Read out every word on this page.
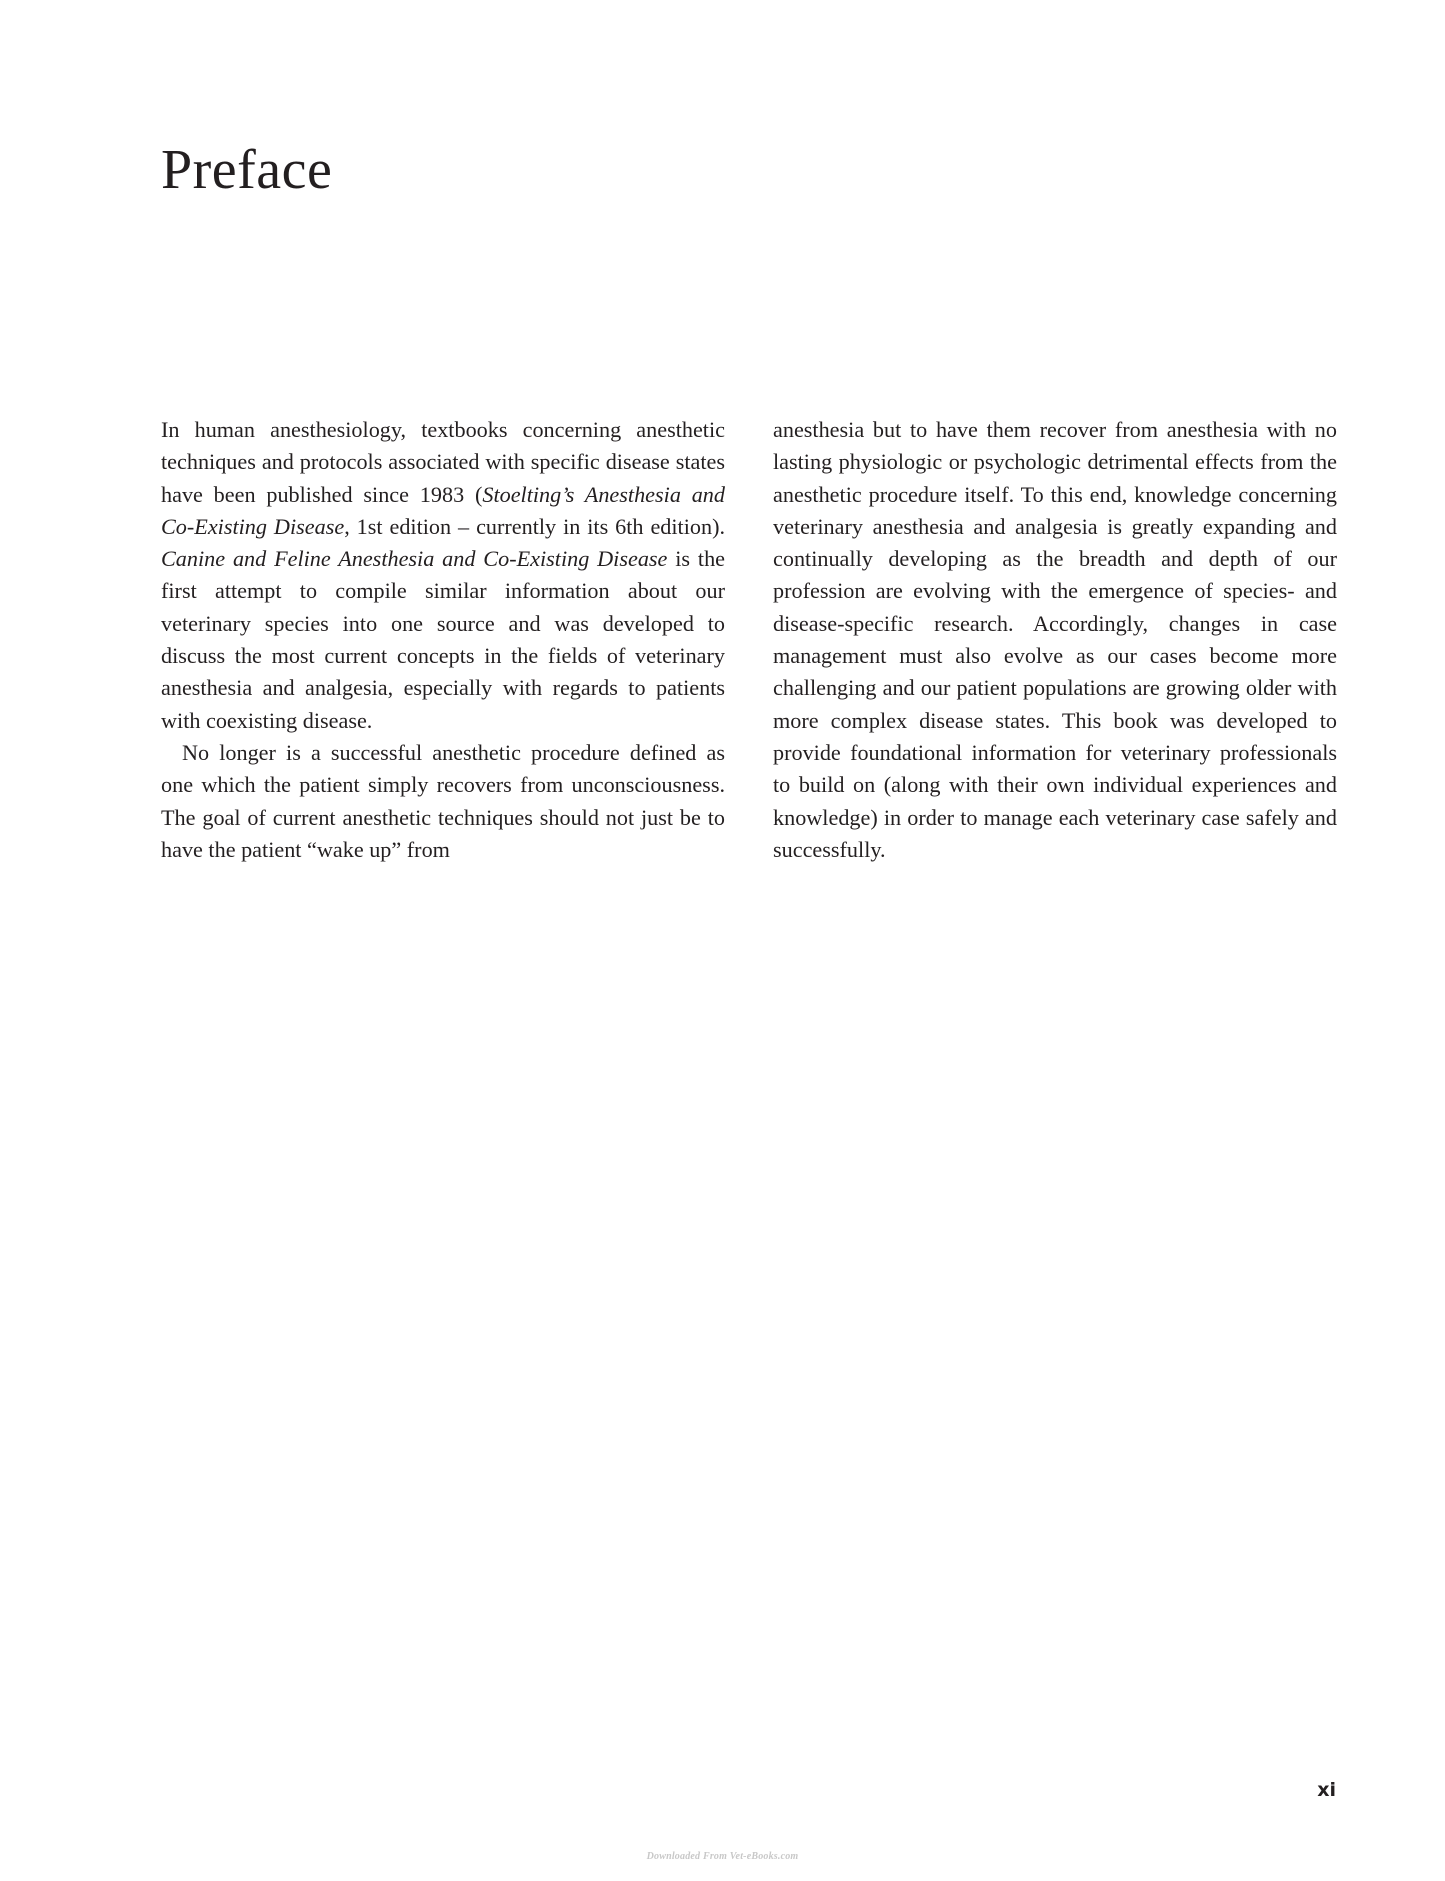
Preface

In human anesthesiology, textbooks concerning anesthetic techniques and protocols associated with specific disease states have been published since 1983 (Stoelting’s Anesthesia and Co-Existing Disease, 1st edition – currently in its 6th edition). Canine and Feline Anesthesia and Co-Existing Disease is the first attempt to compile similar information about our veterinary species into one source and was developed to discuss the most current concepts in the fields of veterinary anesthesia and analgesia, especially with regards to patients with coexisting disease.

No longer is a successful anesthetic procedure defined as one which the patient simply recovers from unconsciousness. The goal of current anesthetic techniques should not just be to have the patient “wake up” from

anesthesia but to have them recover from anesthesia with no lasting physiologic or psychologic detrimental effects from the anesthetic procedure itself. To this end, knowledge concerning veterinary anesthesia and analgesia is greatly expanding and continually developing as the breadth and depth of our profession are evolving with the emergence of species- and disease-specific research. Accordingly, changes in case management must also evolve as our cases become more challenging and our patient populations are growing older with more complex disease states. This book was developed to provide foundational information for veterinary professionals to build on (along with their own individual experiences and knowledge) in order to manage each veterinary case safely and successfully.

xi
Downloaded From Vet-eBooks.com
